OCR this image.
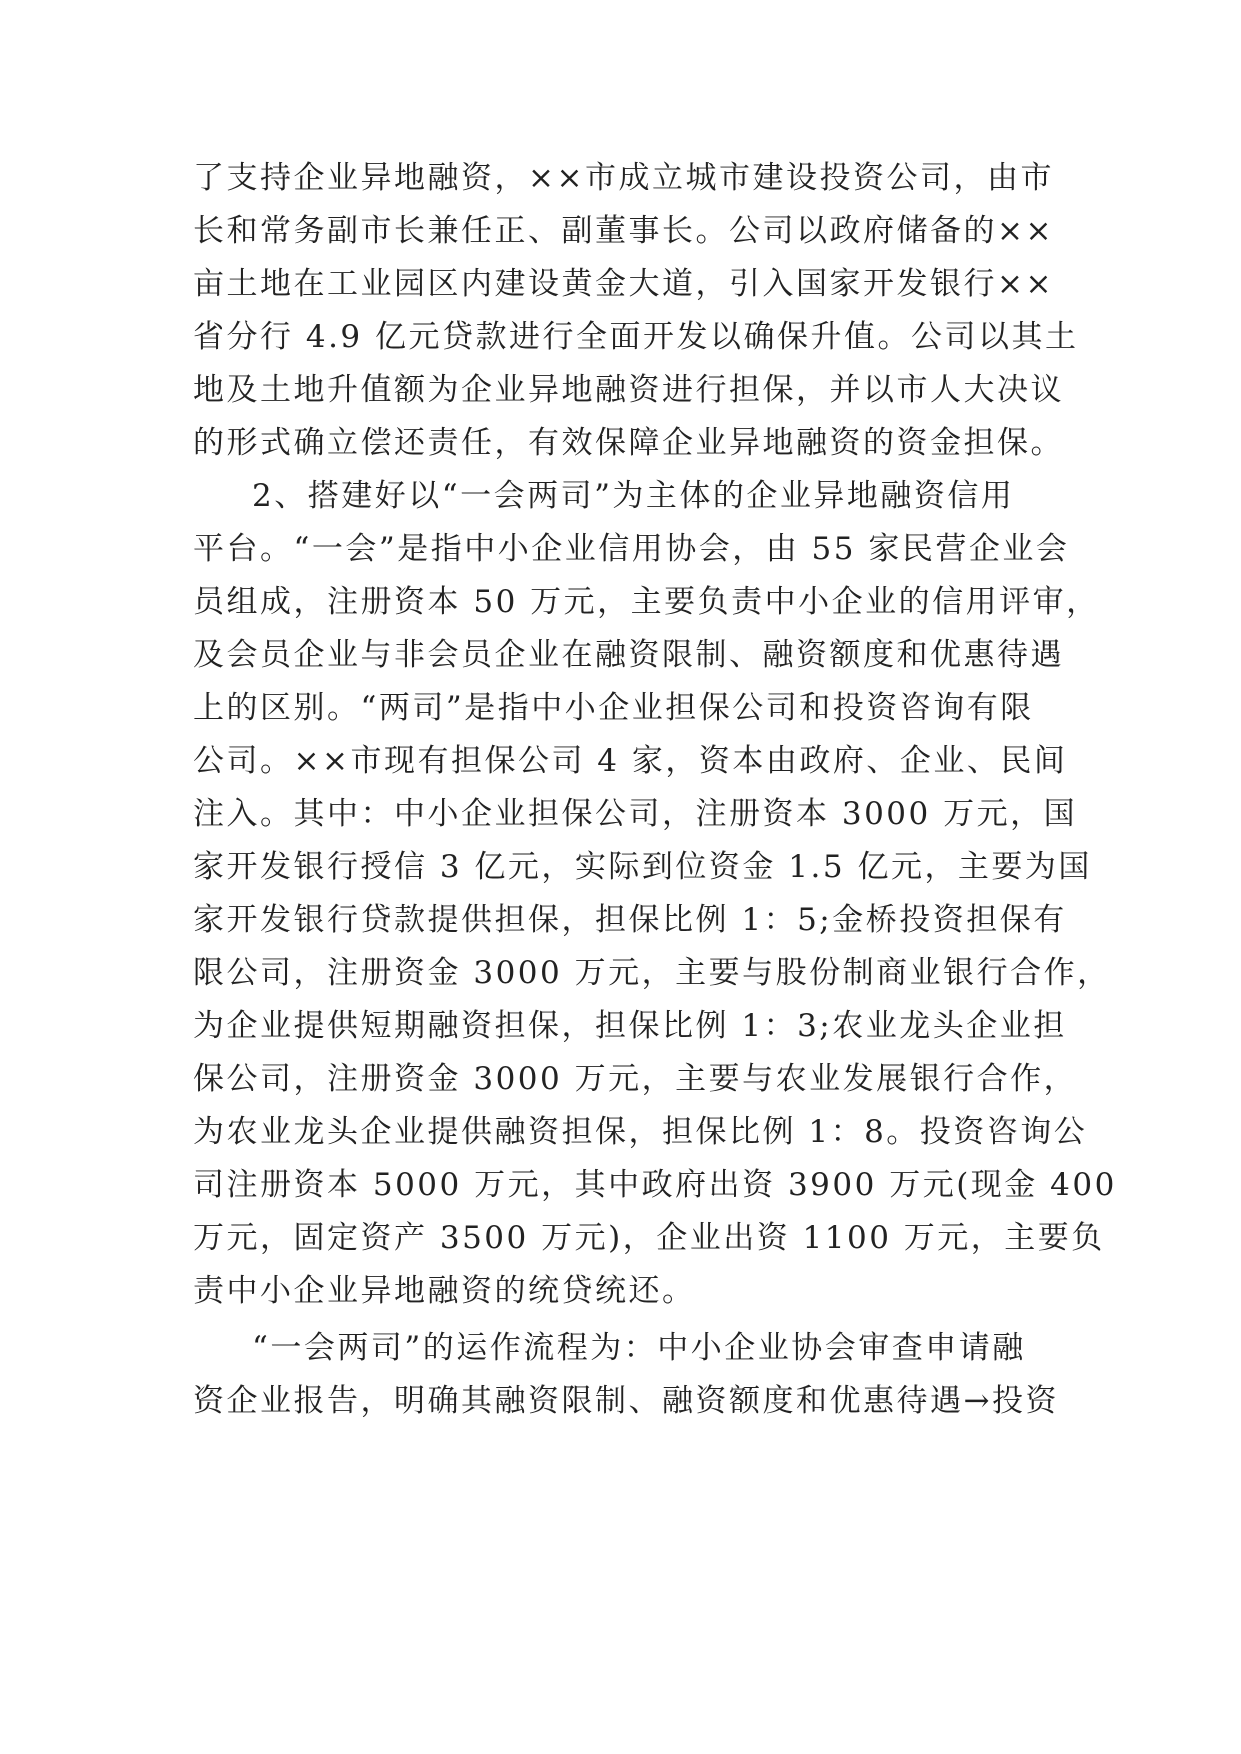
了支持企业异地融资，××市成立城市建设投资公司，由市
长和常务副市长兼任正、副董事长。公司以政府储备的××
亩土地在工业园区内建设黄金大道，引入国家开发银行××
省分行 4.9 亿元贷款进行全面开发以确保升值。公司以其土
地及土地升值额为企业异地融资进行担保，并以市人大决议
的形式确立偿还责任，有效保障企业异地融资的资金担保。
2、搭建好以“一会两司”为主体的企业异地融资信用
平台。“一会”是指中小企业信用协会，由 55 家民营企业会
员组成，注册资本 50 万元，主要负责中小企业的信用评审，
及会员企业与非会员企业在融资限制、融资额度和优惠待遇
上的区别。“两司”是指中小企业担保公司和投资咨询有限
公司。××市现有担保公司 4 家，资本由政府、企业、民间
注入。其中：中小企业担保公司，注册资本 3000 万元，国
家开发银行授信 3 亿元，实际到位资金 1.5 亿元，主要为国
家开发银行贷款提供担保，担保比例 1：5;金桥投资担保有
限公司，注册资金 3000 万元，主要与股份制商业银行合作，
为企业提供短期融资担保，担保比例 1：3;农业龙头企业担
保公司，注册资金 3000 万元，主要与农业发展银行合作，
为农业龙头企业提供融资担保，担保比例 1：8。投资咨询公
司注册资本 5000 万元，其中政府出资 3900 万元(现金 400
万元，固定资产 3500 万元)，企业出资 1100 万元，主要负
责中小企业异地融资的统贷统还。
“一会两司”的运作流程为：中小企业协会审查申请融
资企业报告，明确其融资限制、融资额度和优惠待遇→投资
